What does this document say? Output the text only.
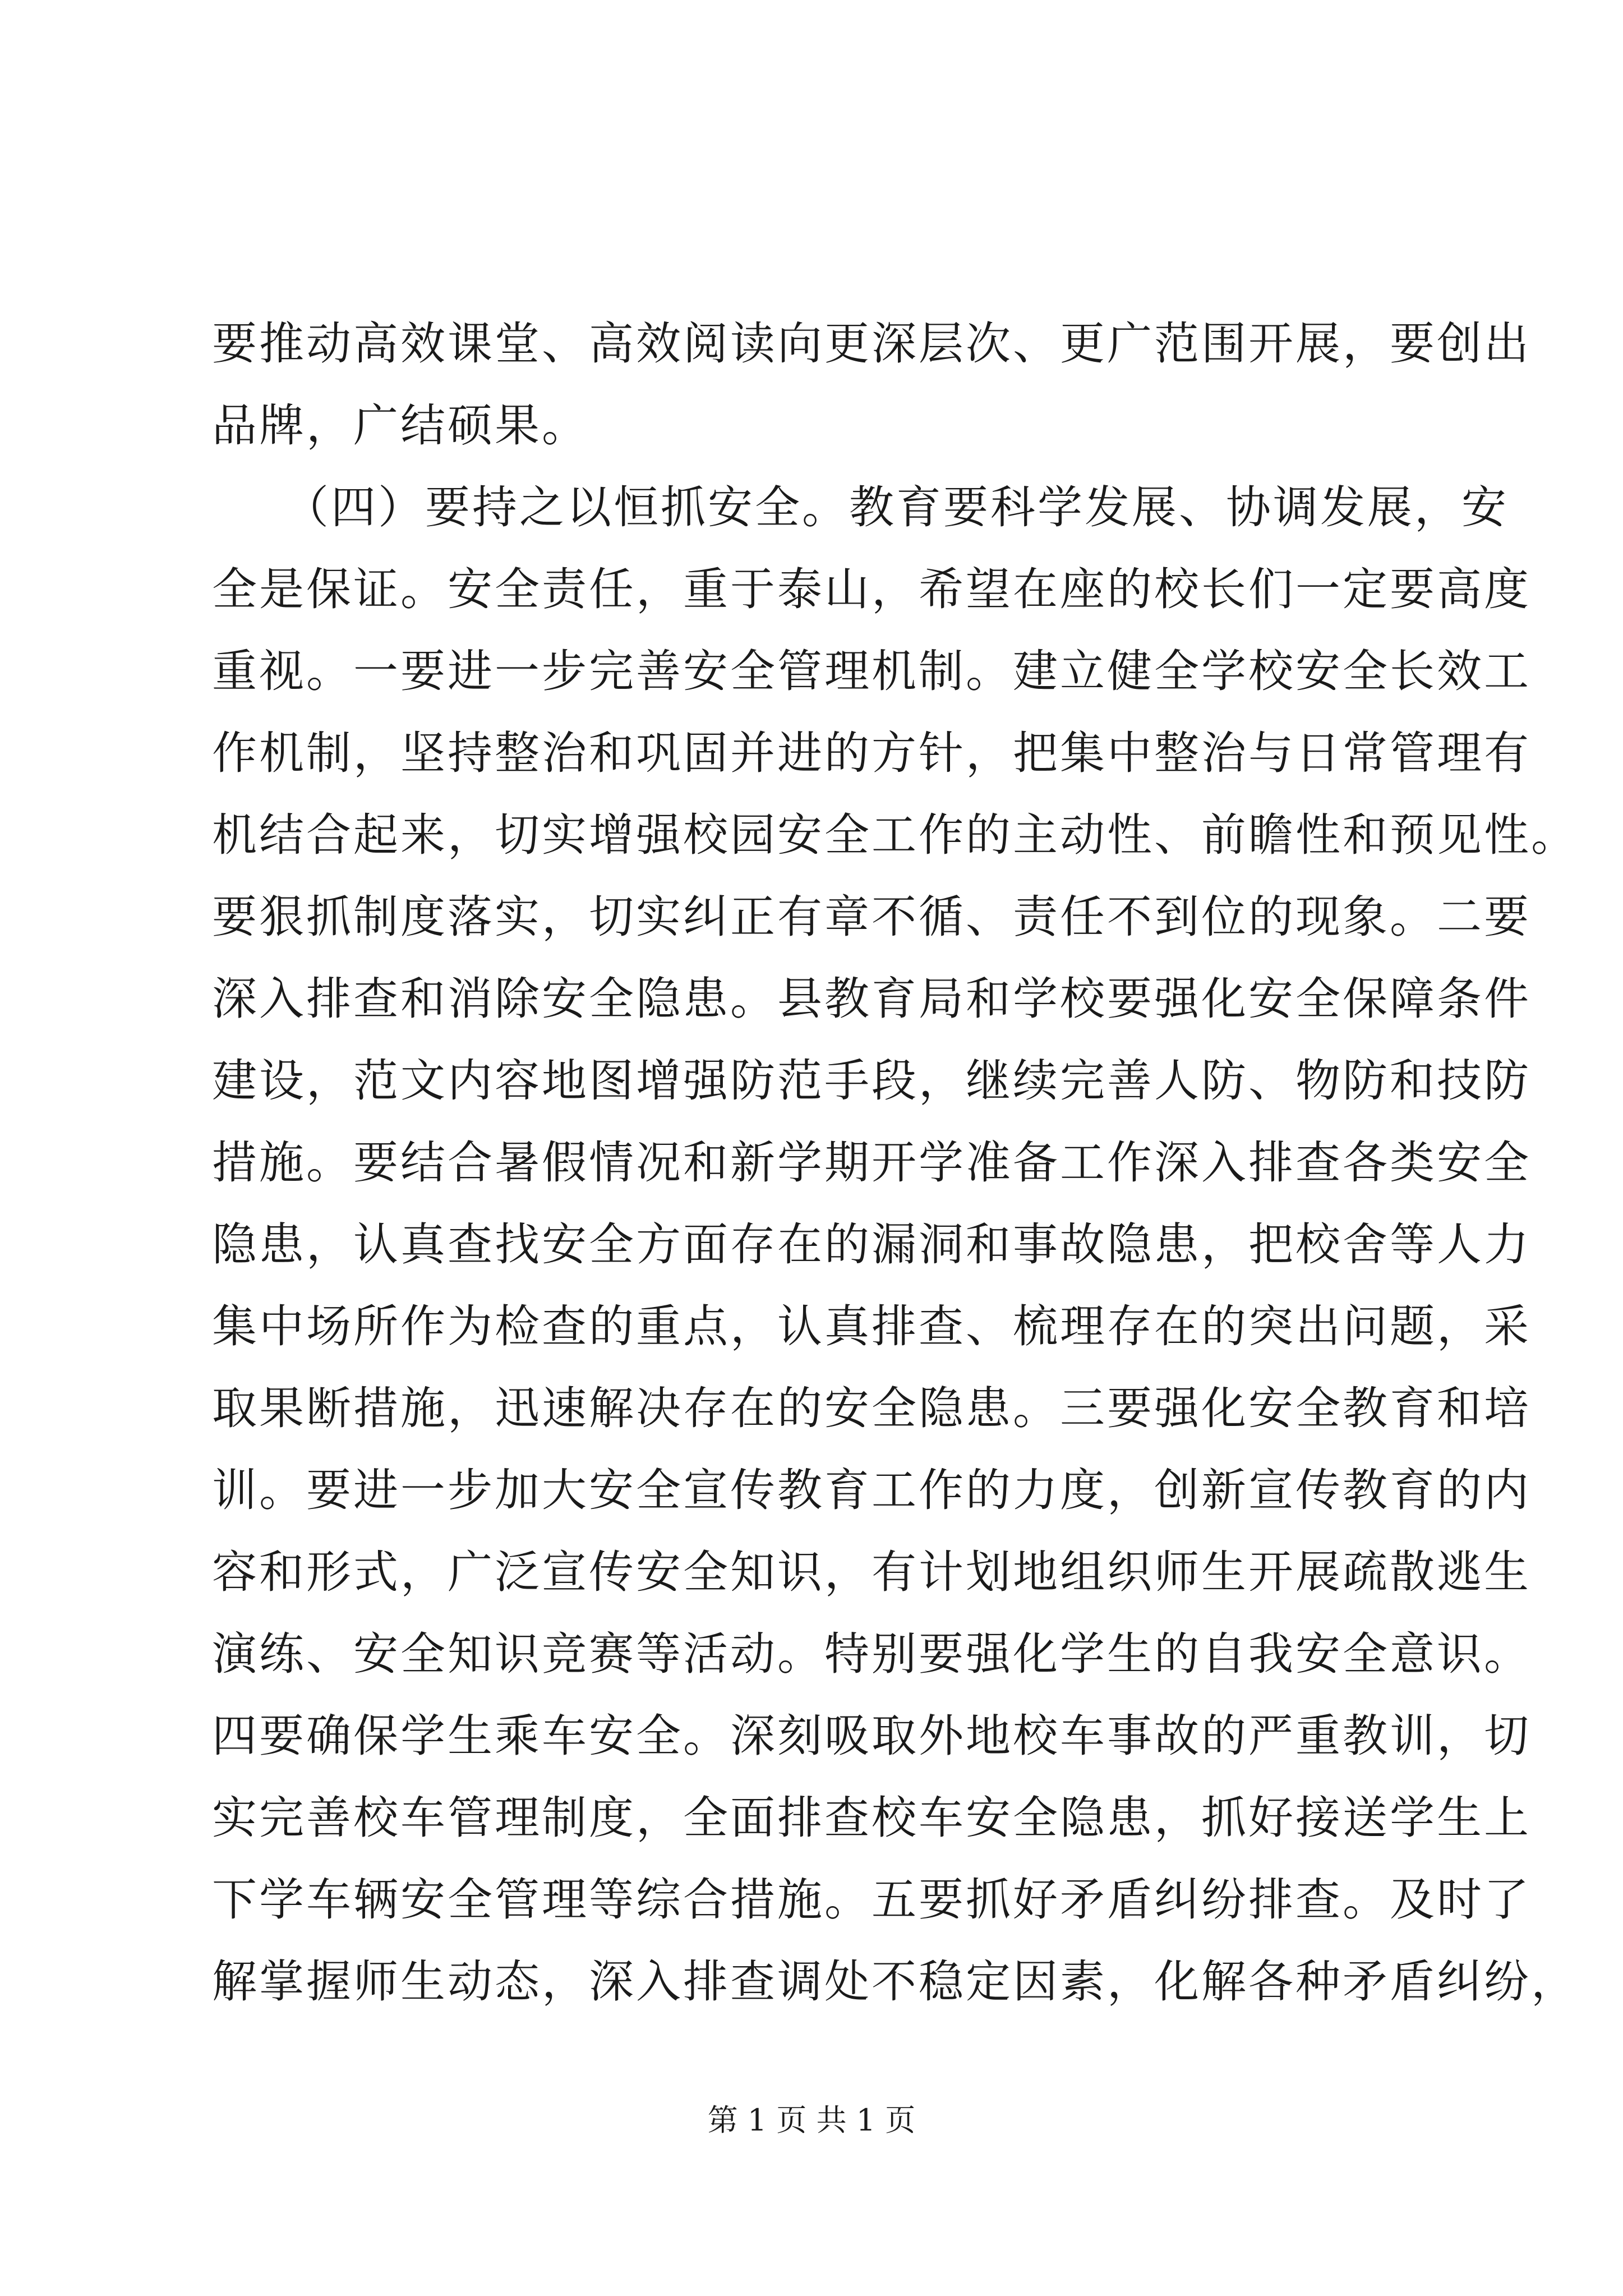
要推动高效课堂、高效阅读向更深层次、更广范围开展，要创出
品牌，广结硕果。
　　（四）要持之以恒抓安全。教育要科学发展、协调发展，安
全是保证。安全责任，重于泰山，希望在座的校长们一定要高度
重视。一要进一步完善安全管理机制。建立健全学校安全长效工
作机制，坚持整治和巩固并进的方针，把集中整治与日常管理有
机结合起来，切实增强校园安全工作的主动性、前瞻性和预见性。
要狠抓制度落实，切实纠正有章不循、责任不到位的现象。二要
深入排查和消除安全隐患。县教育局和学校要强化安全保障条件
建设，范文内容地图增强防范手段，继续完善人防、物防和技防
措施。要结合暑假情况和新学期开学准备工作深入排查各类安全
隐患，认真查找安全方面存在的漏洞和事故隐患，把校舍等人力
集中场所作为检查的重点，认真排查、梳理存在的突出问题，采
取果断措施，迅速解决存在的安全隐患。三要强化安全教育和培
训。要进一步加大安全宣传教育工作的力度，创新宣传教育的内
容和形式，广泛宣传安全知识，有计划地组织师生开展疏散逃生
演练、安全知识竞赛等活动。特别要强化学生的自我安全意识。
四要确保学生乘车安全。深刻吸取外地校车事故的严重教训，切
实完善校车管理制度，全面排查校车安全隐患，抓好接送学生上
下学车辆安全管理等综合措施。五要抓好矛盾纠纷排查。及时了
解掌握师生动态，深入排查调处不稳定因素，化解各种矛盾纠纷，
第 1 页 共 1 页
